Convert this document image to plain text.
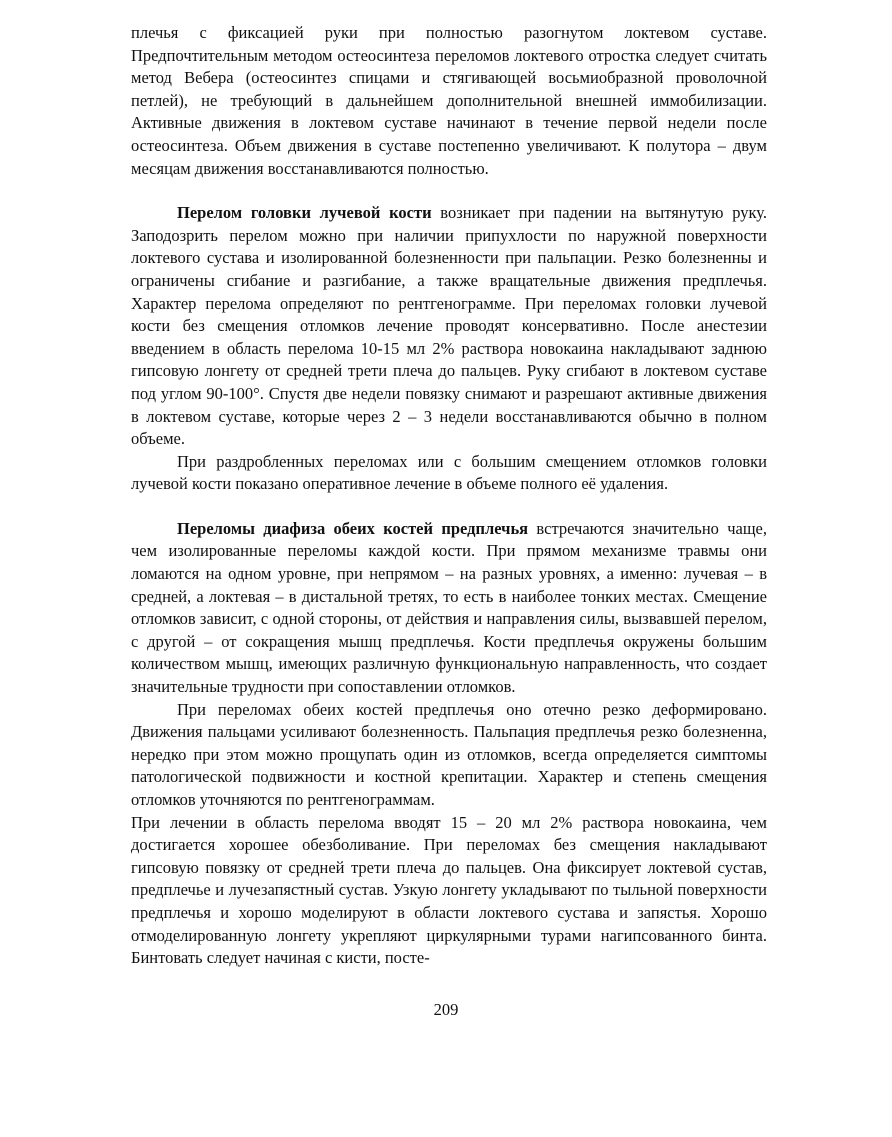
плечья с фиксацией руки при полностью разогнутом локтевом суставе. Предпочтительным методом остеосинтеза переломов локтевого отростка следует считать метод Вебера (остеосинтез спицами и стягивающей восьмиобразной проволочной петлей), не требующий в дальнейшем дополнительной внешней иммобилизации. Активные движения в локтевом суставе начинают в течение первой недели после остеосинтеза. Объем движения в суставе постепенно увеличивают. К полутора – двум месяцам движения восстанавливаются полностью.

Перелом головки лучевой кости возникает при падении на вытянутую руку. Заподозрить перелом можно при наличии припухлости по наружной поверхности локтевого сустава и изолированной болезненности при пальпации. Резко болезненны и ограничены сгибание и разгибание, а также вращательные движения предплечья. Характер перелома определяют по рентгенограмме. При переломах головки лучевой кости без смещения отломков лечение проводят консервативно. После анестезии введением в область перелома 10-15 мл 2% раствора новокаина накладывают заднюю гипсовую лонгету от средней трети плеча до пальцев. Руку сгибают в локтевом суставе под углом 90-100°. Спустя две недели повязку снимают и разрешают активные движения в локтевом суставе, которые через 2 – 3 недели восстанавливаются обычно в полном объеме.

При раздробленных переломах или с большим смещением отломков головки лучевой кости показано оперативное лечение в объеме полного её удаления.

Переломы диафиза обеих костей предплечья встречаются значительно чаще, чем изолированные переломы каждой кости. При прямом механизме травмы они ломаются на одном уровне, при непрямом – на разных уровнях, а именно: лучевая – в средней, а локтевая – в дистальной третях, то есть в наиболее тонких местах. Смещение отломков зависит, с одной стороны, от действия и направления силы, вызвавшей перелом, с другой – от сокращения мышц предплечья. Кости предплечья окружены большим количеством мышц, имеющих различную функциональную направленность, что создает значительные трудности при сопоставлении отломков.

При переломах обеих костей предплечья оно отечно резко деформировано. Движения пальцами усиливают болезненность. Пальпация предплечья резко болезненна, нередко при этом можно прощупать один из отломков, всегда определяется симптомы патологической подвижности и костной крепитации. Характер и степень смещения отломков уточняются по рентгенограммам.

При лечении в область перелома вводят 15 – 20 мл 2% раствора новокаина, чем достигается хорошее обезболивание. При переломах без смещения накладывают гипсовую повязку от средней трети плеча до пальцев. Она фиксирует локтевой сустав, предплечье и лучезапястный сустав. Узкую лонгету укладывают по тыльной поверхности предплечья и хорошо моделируют в области локтевого сустава и запястья. Хорошо отмоделированную лонгету укрепляют циркулярными турами нагипсованного бинта. Бинтовать следует начиная с кисти, посте-

209
